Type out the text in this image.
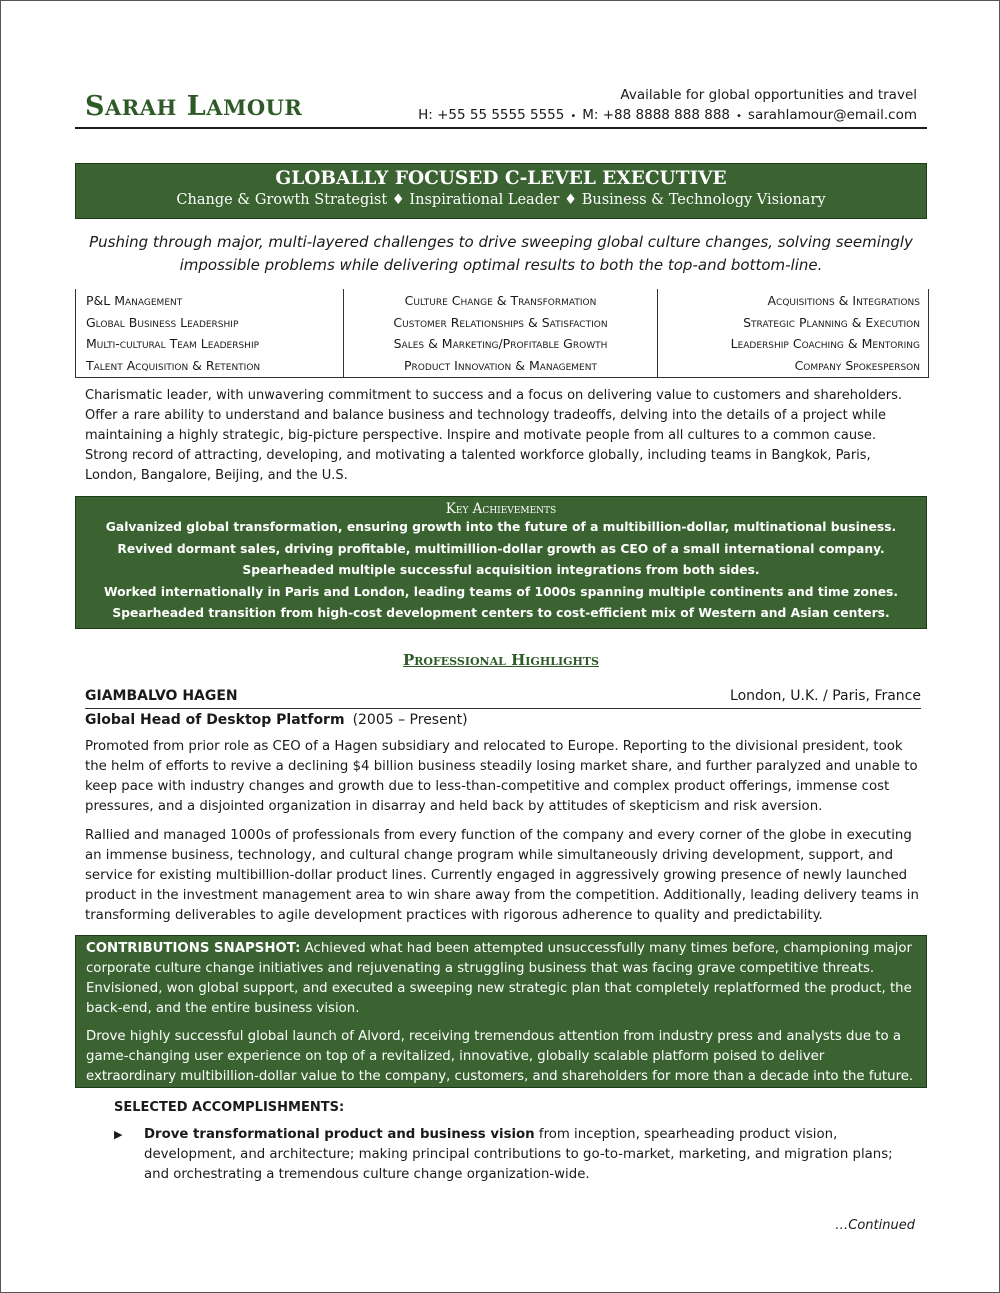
SARAH LAMOUR	Available for global opportunities and travel
H: +55 55 5555 5555 • M: +88 8888 888 888 • sarahlamour@email.com
GLOBALLY FOCUSED C-LEVEL EXECUTIVE
Change & Growth Strategist ♦ Inspirational Leader ♦ Business & Technology Visionary
Pushing through major, multi-layered challenges to drive sweeping global culture changes, solving seemingly impossible problems while delivering optimal results to both the top-and bottom-line.
P&L Management
Global Business Leadership
Multi-cultural Team Leadership
Talent Acquisition & Retention
Culture Change & Transformation
Customer Relationships & Satisfaction
Sales & Marketing/Profitable Growth
Product Innovation & Management
Acquisitions & Integrations
Strategic Planning & Execution
Leadership Coaching & Mentoring
Company Spokesperson
Charismatic leader, with unwavering commitment to success and a focus on delivering value to customers and shareholders. Offer a rare ability to understand and balance business and technology tradeoffs, delving into the details of a project while maintaining a highly strategic, big-picture perspective. Inspire and motivate people from all cultures to a common cause. Strong record of attracting, developing, and motivating a talented workforce globally, including teams in Bangkok, Paris, London, Bangalore, Beijing, and the U.S.
Key Achievements
Galvanized global transformation, ensuring growth into the future of a multibillion-dollar, multinational business.
Revived dormant sales, driving profitable, multimillion-dollar growth as CEO of a small international company.
Spearheaded multiple successful acquisition integrations from both sides.
Worked internationally in Paris and London, leading teams of 1000s spanning multiple continents and time zones.
Spearheaded transition from high-cost development centers to cost-efficient mix of Western and Asian centers.
Professional Highlights
GIAMBALVO HAGEN	London, U.K. / Paris, France
Global Head of Desktop Platform (2005 – Present)
Promoted from prior role as CEO of a Hagen subsidiary and relocated to Europe. Reporting to the divisional president, took the helm of efforts to revive a declining $4 billion business steadily losing market share, and further paralyzed and unable to keep pace with industry changes and growth due to less-than-competitive and complex product offerings, immense cost pressures, and a disjointed organization in disarray and held back by attitudes of skepticism and risk aversion.
Rallied and managed 1000s of professionals from every function of the company and every corner of the globe in executing an immense business, technology, and cultural change program while simultaneously driving development, support, and service for existing multibillion-dollar product lines. Currently engaged in aggressively growing presence of newly launched product in the investment management area to win share away from the competition. Additionally, leading delivery teams in transforming deliverables to agile development practices with rigorous adherence to quality and predictability.

CONTRIBUTIONS SNAPSHOT: Achieved what had been attempted unsuccessfully many times before, championing major corporate culture change initiatives and rejuvenating a struggling business that was facing grave competitive threats. Envisioned, won global support, and executed a sweeping new strategic plan that completely replatformed the product, the back-end, and the entire business vision.

Drove highly successful global launch of Alvord, receiving tremendous attention from industry press and analysts due to a game-changing user experience on top of a revitalized, innovative, globally scalable platform poised to deliver extraordinary multibillion-dollar value to the company, customers, and shareholders for more than a decade into the future.

SELECTED ACCOMPLISHMENTS:
▶ Drove transformational product and business vision from inception, spearheading product vision, development, and architecture; making principal contributions to go-to-market, marketing, and migration plans; and orchestrating a tremendous culture change organization-wide.
…Continued
